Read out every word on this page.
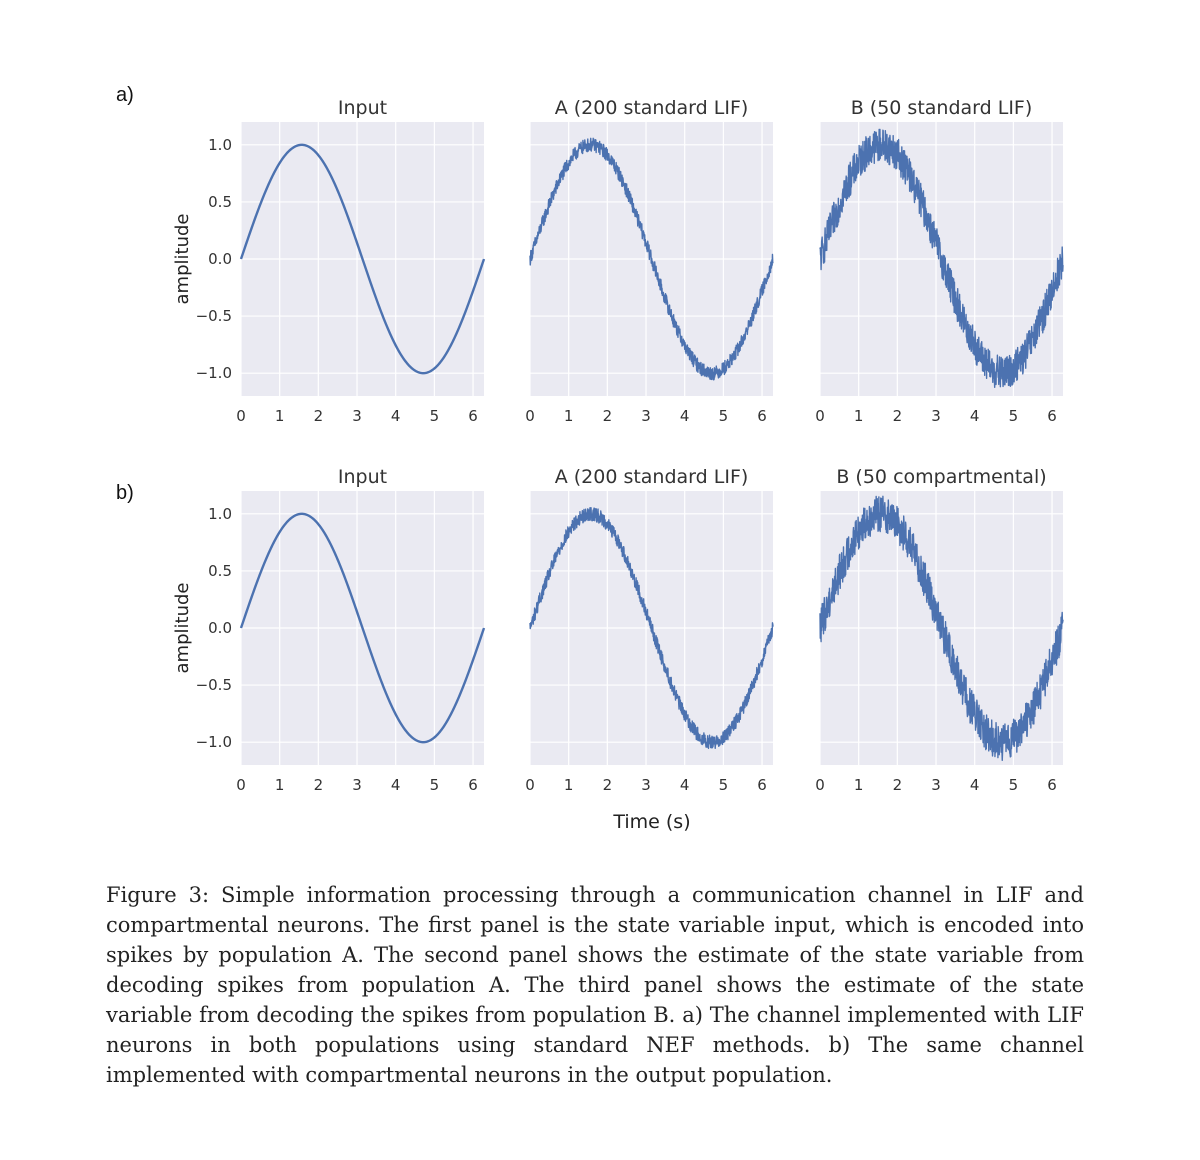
Input
0 1 2 3 4 5 6
1.0
0.5
0.0
−0.5
−1.0
A (200 standard LIF)
0 1 2 3 4 5 6
B (50 standard LIF)
0 1 2 3 4 5 6
Input
0 1 2 3 4 5 6
1.0
0.5
0.0
−0.5
−1.0
A (200 standard LIF)
0 1 2 3 4 5 6
B (50 compartmental)
0 1 2 3 4 5 6
amplitude
amplitude
Time (s)
a)
b)

Figure 3: Simple information processing through a communication channel in LIF and compartmental neurons. The first panel is the state variable input, which is encoded into spikes by population A. The second panel shows the estimate of the state variable from decoding spikes from population A. The third panel shows the estimate of the state variable from decoding the spikes from population B. a) The channel implemented with LIF neurons in both populations using standard NEF methods. b) The same channel implemented with compartmental neurons in the output population.
